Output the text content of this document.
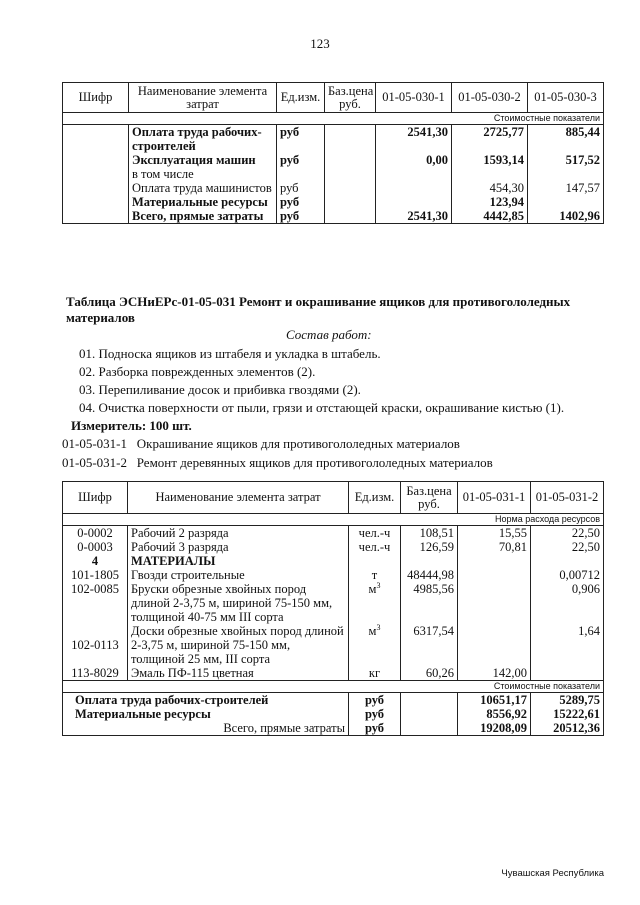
123
Шифр	Наименование элемента затрат	Ед.изм.	Баз.цена руб.	01-05-030-1	01-05-030-2	01-05-030-3
				Стоимостные показатели		
	Оплата труда рабочих-строителей	руб		2541,30	2725,77	885,44
	Эксплуатация машин	руб		0,00	1593,14	517,52
	в том числе					
	Оплата труда машинистов	руб			454,30	147,57
	Материальные ресурсы	руб			123,94	
	Всего, прямые затраты	руб		2541,30	4442,85	1402,96
Таблица ЭСНиЕРс-01-05-031 Ремонт и окрашивание ящиков для противогололедных материалов
Состав работ:
01. Подноска ящиков из штабеля и укладка в штабель.
02. Разборка поврежденных элементов (2).
03. Перепиливание досок и прибивка гвоздями (2).
04. Очистка поверхности от пыли, грязи и отстающей краски, окрашивание кистью (1).
Измеритель: 100 шт.
01-05-031-1 Окрашивание ящиков для противогололедных материалов
01-05-031-2 Ремонт деревянных ящиков для противогололедных материалов
Шифр	Наименование элемента затрат	Ед.изм.	Баз.цена руб.	01-05-031-1	01-05-031-2
				Норма расхода ресурсов	
0-0002	Рабочий 2 разряда	чел.-ч	108,51	15,55	22,50
0-0003	Рабочий 3 разряда	чел.-ч	126,59	70,81	22,50
4	МАТЕРИАЛЫ				
101-1805	Гвозди строительные	т	48444,98		0,00712
102-0085	Бруски обрезные хвойных пород длиной 2-3,75 м, шириной 75-150 мм, толщиной 40-75 мм III сорта	$м^3$	4985,56		0,906
102-0113	Доски обрезные хвойных пород длиной 2-3,75 м, шириной 75-150 мм, толщиной 25 мм, III сорта	$м^3$	6317,54		1,64
113-8029	Эмаль ПФ-115 цветная	кг	60,26	142,00	
				Стоимостные показатели	
Оплата труда рабочих-строителей		руб		10651,17	5289,75
Материальные ресурсы		руб		8556,92	15222,61
Всего, прямые затраты		руб		19208,09	20512,36
Чувашская Республика
